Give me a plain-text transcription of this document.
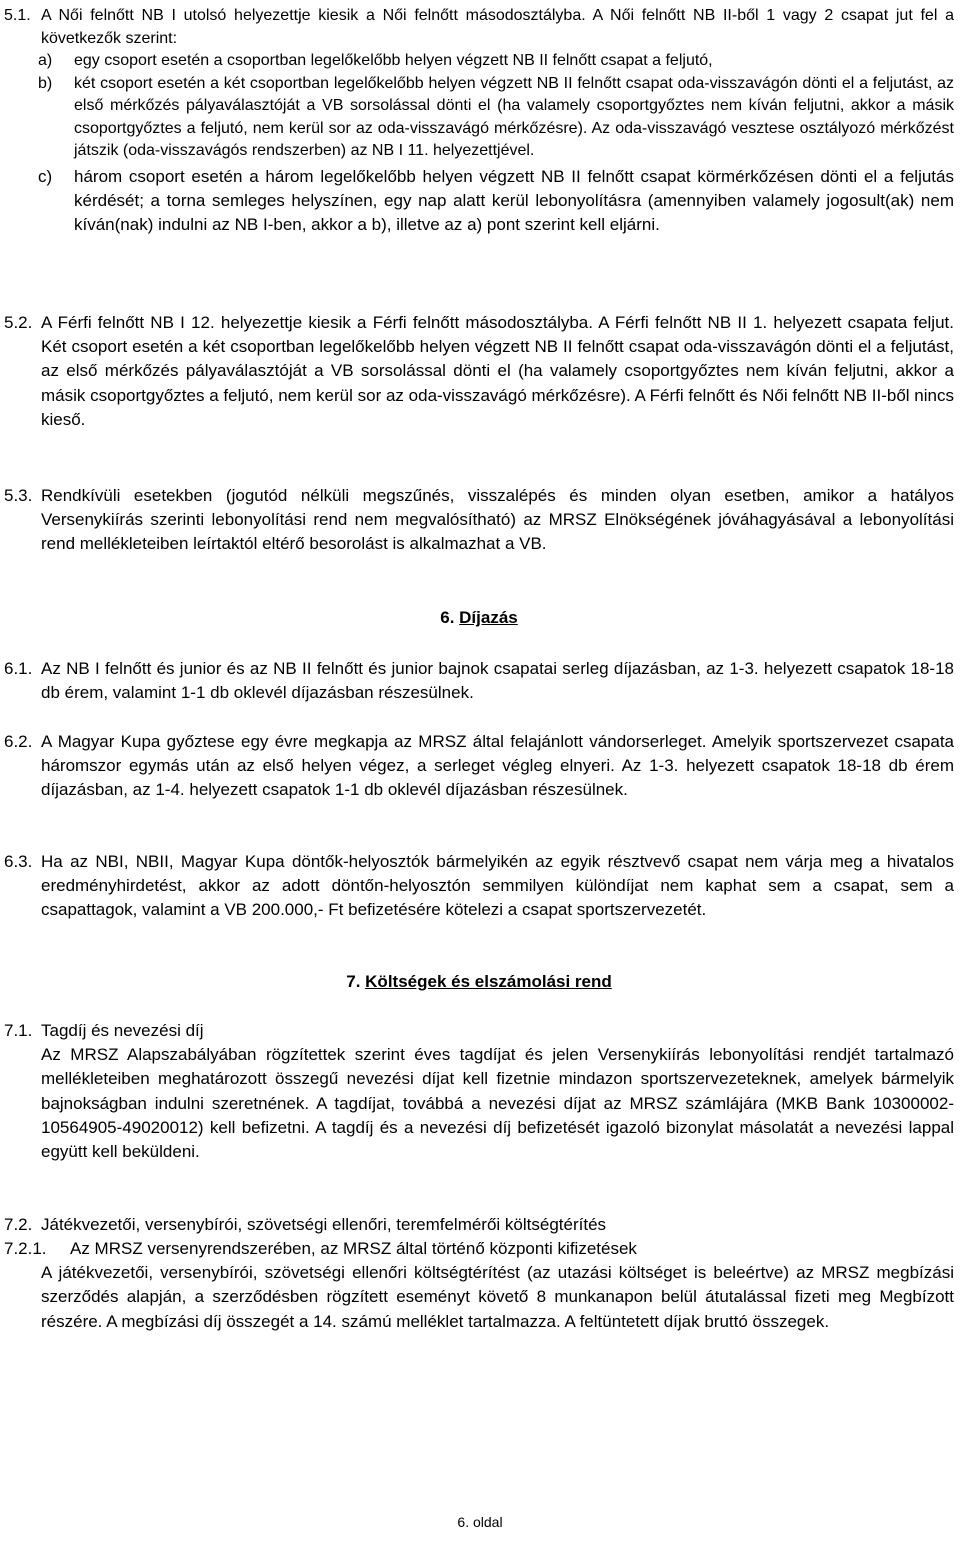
5.1. A Női felnőtt NB I utolsó helyezettje kiesik a Női felnőtt másodosztályba. A Női felnőtt NB II-ből 1 vagy 2 csapat jut fel a következők szerint:
a)	egy csoport esetén a csoportban legelőkelőbb helyen végzett NB II felnőtt csapat a feljutó,
b)	két csoport esetén a két csoportban legelőkelőbb helyen végzett NB II felnőtt csapat oda-visszavágón dönti el a feljutást, az első mérkőzés pályaválasztóját a VB sorsolással dönti el (ha valamely csoportgyőztes nem kíván feljutni, akkor a másik csoportgyőztes a feljutó, nem kerül sor az oda-visszavágó mérkőzésre). Az oda-visszavágó vesztese osztályozó mérkőzést játszik (oda-visszavágós rendszerben) az NB I 11. helyezettjével.
c)	három csoport esetén a három legelőkelőbb helyen végzett NB II felnőtt csapat körmérkőzésen dönti el a feljutás kérdését; a torna semleges helyszínen, egy nap alatt kerül lebonyolításra (amennyiben valamely jogosult(ak) nem kíván(nak) indulni az NB I-ben, akkor a b), illetve az a) pont szerint kell eljárni.
5.2. A Férfi felnőtt NB I 12. helyezettje kiesik a Férfi felnőtt másodosztályba. A Férfi felnőtt NB II 1. helyezett csapata feljut. Két csoport esetén a két csoportban legelőkelőbb helyen végzett NB II felnőtt csapat oda-visszavágón dönti el a feljutást, az első mérkőzés pályaválasztóját a VB sorsolással dönti el (ha valamely csoportgyőztes nem kíván feljutni, akkor a másik csoportgyőztes a feljutó, nem kerül sor az oda-visszavágó mérkőzésre). A Férfi felnőtt és Női felnőtt NB II-ből nincs kieső.
5.3. Rendkívüli esetekben (jogutód nélküli megszűnés, visszalépés és minden olyan esetben, amikor a hatályos Versenykiírás szerinti lebonyolítási rend nem megvalósítható) az MRSZ Elnökségének jóváhagyásával a lebonyolítási rend mellékleteiben leírtaktól eltérő besorolást is alkalmazhat a VB.
6. Díjazás
6.1. Az NB I felnőtt és junior és az NB II felnőtt és junior bajnok csapatai serleg díjazásban, az 1-3. helyezett csapatok 18-18 db érem, valamint 1-1 db oklevél díjazásban részesülnek.
6.2. A Magyar Kupa győztese egy évre megkapja az MRSZ által felajánlott vándorserleget. Amelyik sportszervezet csapata háromszor egymás után az első helyen végez, a serleget végleg elnyeri. Az 1-3. helyezett csapatok 18-18 db érem díjazásban, az 1-4. helyezett csapatok 1-1 db oklevél díjazásban részesülnek.
6.3. Ha az NBI, NBII, Magyar Kupa döntők-helyosztók bármelyikén az egyik résztvevő csapat nem várja meg a hivatalos eredményhirdetést, akkor az adott döntőn-helyosztón semmilyen különdíjat nem kaphat sem a csapat, sem a csapattagok, valamint a VB 200.000,- Ft befizetésére kötelezi a csapat sportszervezetét.
7. Költségek és elszámolási rend
7.1. Tagdíj és nevezési díj
Az MRSZ Alapszabályában rögzítettek szerint éves tagdíjat és jelen Versenykiírás lebonyolítási rendjét tartalmazó mellékleteiben meghatározott összegű nevezési díjat kell fizetnie mindazon sportszervezeteknek, amelyek bármelyik bajnokságban indulni szeretnének. A tagdíjat, továbbá a nevezési díjat az MRSZ számlájára (MKB Bank 10300002-10564905-49020012) kell befizetni. A tagdíj és a nevezési díj befizetését igazoló bizonylat másolatát a nevezési lappal együtt kell beküldeni.
7.2. Játékvezetői, versenybírói, szövetségi ellenőri, teremfelmérői költségtérítés
7.2.1.	Az MRSZ versenyrendszerében, az MRSZ által történő központi kifizetések
A játékvezetői, versenybírói, szövetségi ellenőri költségtérítést (az utazási költséget is beleértve) az MRSZ megbízási szerződés alapján, a szerződésben rögzített eseményt követő 8 munkanapon belül átutalással fizeti meg Megbízott részére. A megbízási díj összegét a 14. számú melléklet tartalmazza. A feltüntetett díjak bruttó összegek.
6. oldal
